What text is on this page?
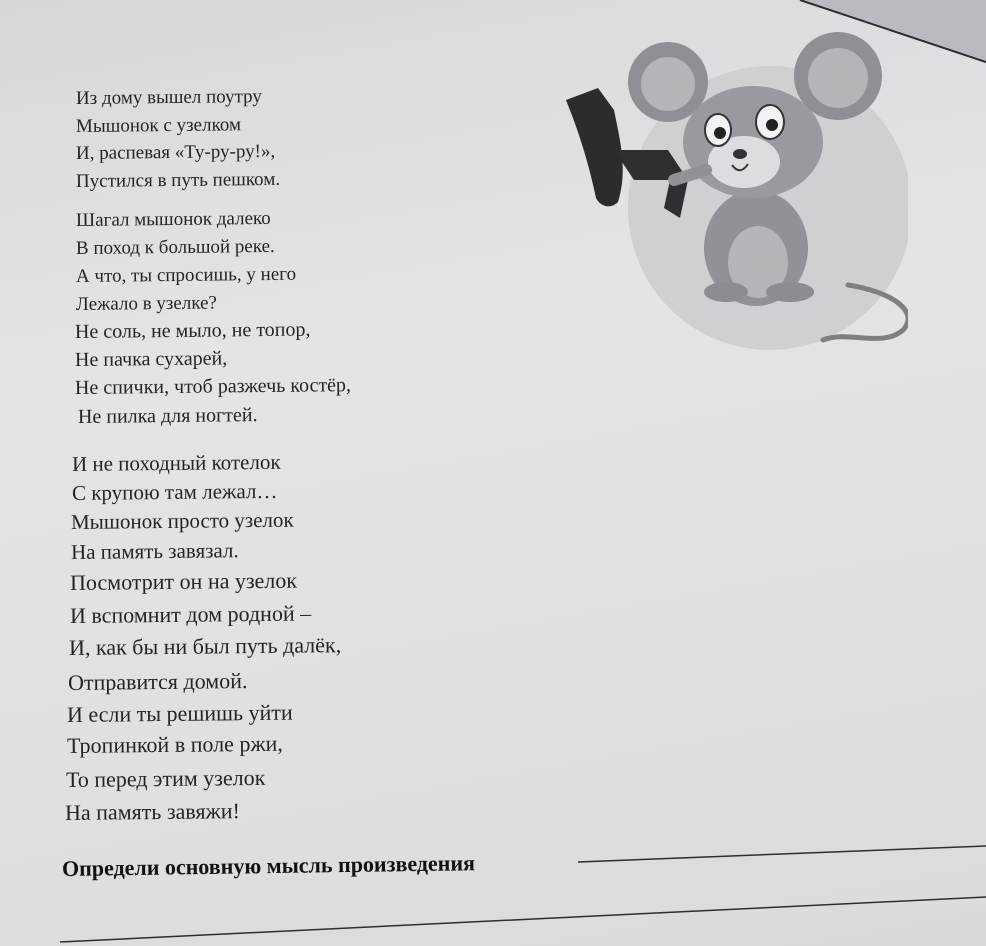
Из дому вышел поутру

Мышонок с узелком

И, распевая «Ту-ру-ру!»,

Пустился в путь пешком.

Шагал мышонок далеко

В поход к большой реке.

А что, ты спросишь, у него

Лежало в узелке?

Не соль, не мыло, не топор,

Не пачка сухарей,

Не спички, чтоб разжечь костёр,

Не пилка для ногтей.

И не походный котелок

С крупою там лежал…

Мышонок просто узелок

На память завязал.

Посмотрит он на узелок

И вспомнит дом родной –

И, как бы ни был путь далёк,

Отправится домой.

И если ты решишь уйти

Тропинкой в поле ржи,

То перед этим узелок

На память завяжи!

Определи основную мысль произведения
